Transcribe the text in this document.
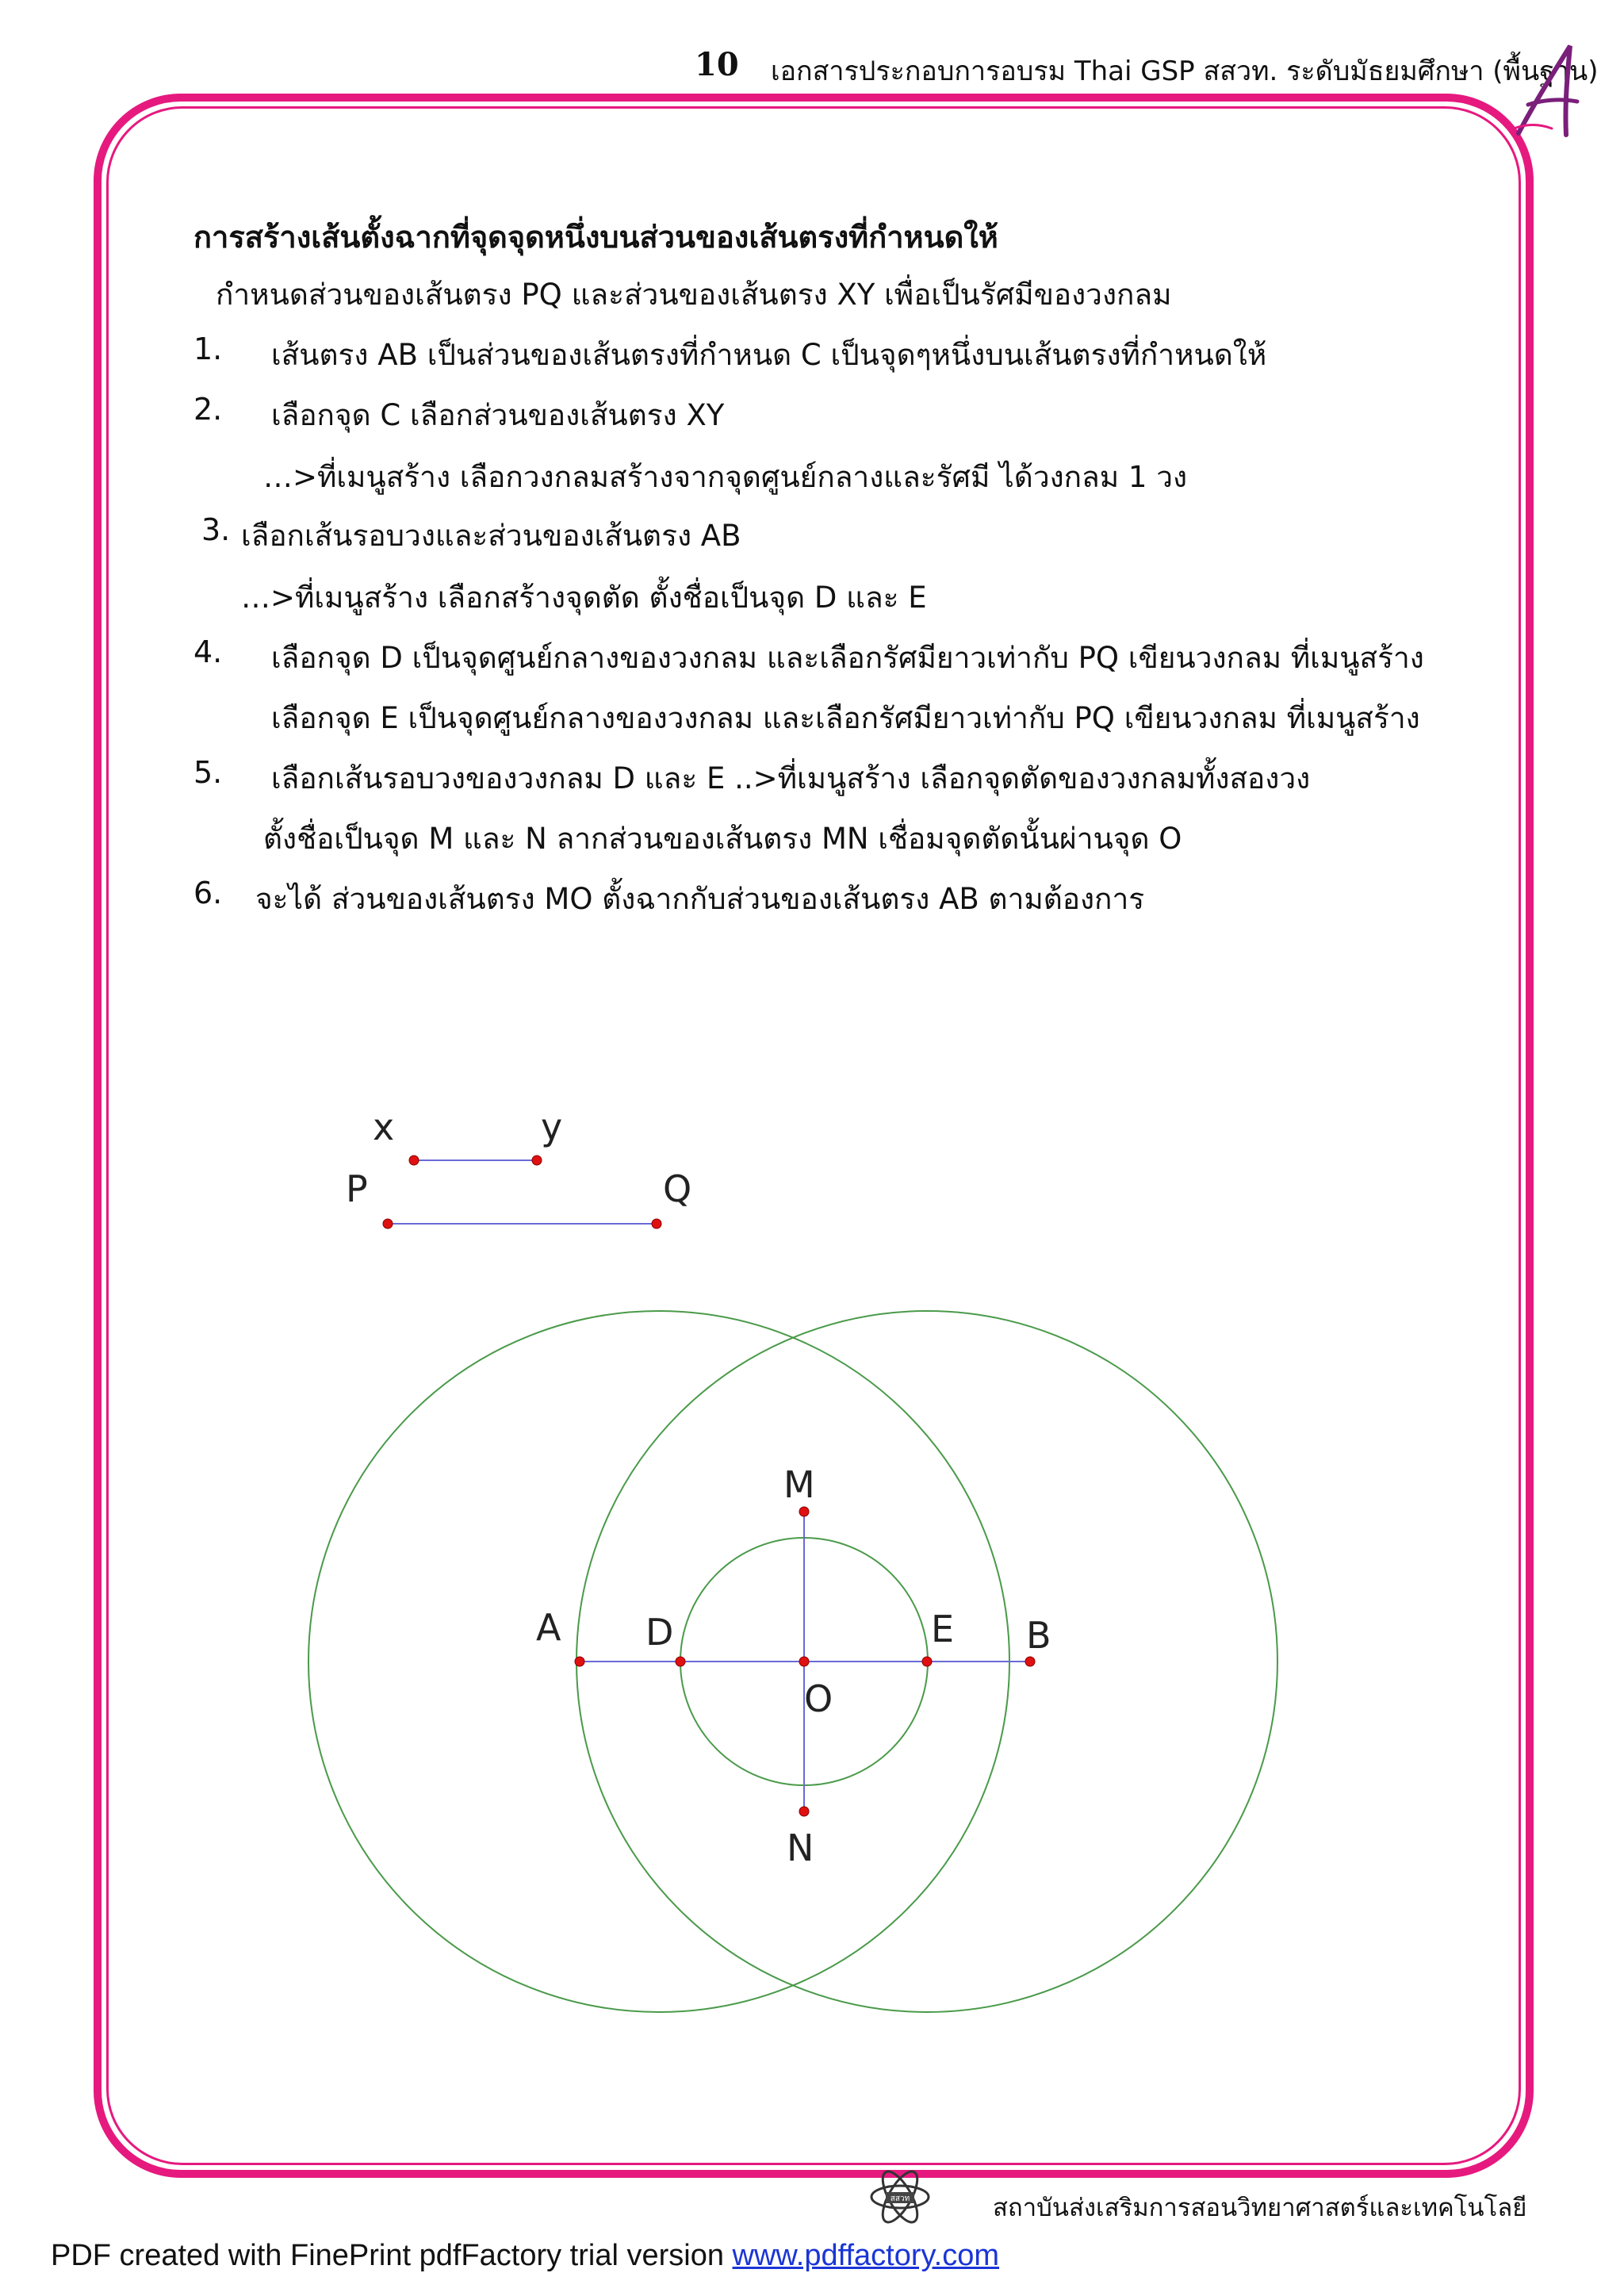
10 เอกสารประกอบการอบรม Thai GSP สสวท. ระดับมัธยมศึกษา (พื้นฐาน)
การสร้างเส้นตั้งฉากที่จุดจุดหนึ่งบนส่วนของเส้นตรงที่กำหนดให้
กำหนดส่วนของเส้นตรง PQ และส่วนของเส้นตรง XY เพื่อเป็นรัศมีของวงกลม
1. เส้นตรง AB เป็นส่วนของเส้นตรงที่กำหนด C เป็นจุดๆหนึ่งบนเส้นตรงที่กำหนดให้
2. เลือกจุด C เลือกส่วนของเส้นตรง XY
…>ที่เมนูสร้าง เลือกวงกลมสร้างจากจุดศูนย์กลางและรัศมี ได้วงกลม 1 วง
3. เลือกเส้นรอบวงและส่วนของเส้นตรง AB
…>ที่เมนูสร้าง เลือกสร้างจุดตัด ตั้งชื่อเป็นจุด D และ E
4. เลือกจุด D เป็นจุดศูนย์กลางของวงกลม และเลือกรัศมียาวเท่ากับ PQ เขียนวงกลม ที่เมนูสร้าง
เลือกจุด E เป็นจุดศูนย์กลางของวงกลม และเลือกรัศมียาวเท่ากับ PQ เขียนวงกลม ที่เมนูสร้าง
5. เลือกเส้นรอบวงของวงกลม D และ E ..>ที่เมนูสร้าง เลือกจุดตัดของวงกลมทั้งสองวง
ตั้งชื่อเป็นจุด M และ N ลากส่วนของเส้นตรง MN เชื่อมจุดตัดนั้นผ่านจุด O
6. จะได้ ส่วนของเส้นตรง MO ตั้งฉากกับส่วนของเส้นตรง AB ตามต้องการ
x	y
P	Q
A D	E B
M
O
N
สสวท	สถาบันส่งเสริมการสอนวิทยาศาสตร์และเทคโนโลยี
PDF created with FinePrint pdfFactory trial version www.pdffactory.com
